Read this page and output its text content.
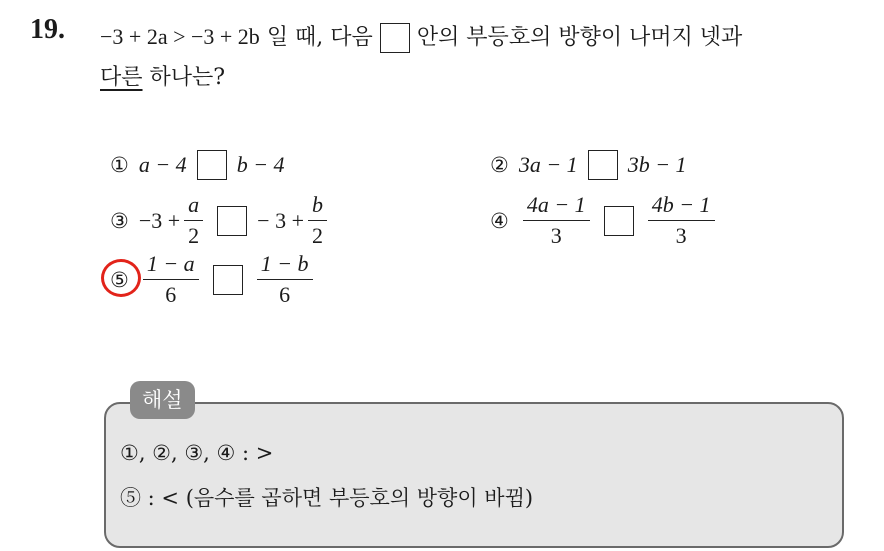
19. −3 + 2a > −3 + 2b 일 때, 다음 안의 부등호의 방향이 나머지 넷과
다른 하나는?
① a − 4 b − 4	② 3a − 1 3b − 1
③ $-3 + \frac{a}{2} - 3 + \frac{b}{2}$	④ $\frac{4a - 1}{3}$	$\frac{4b - 1}{3}$
⑤ $\frac{1 - a}{6}$	$\frac{1 - b}{6}$
해설
①, ②, ③, ④ : >
⑤ : < (음수를 곱하면 부등호의 방향이 바뀜)
